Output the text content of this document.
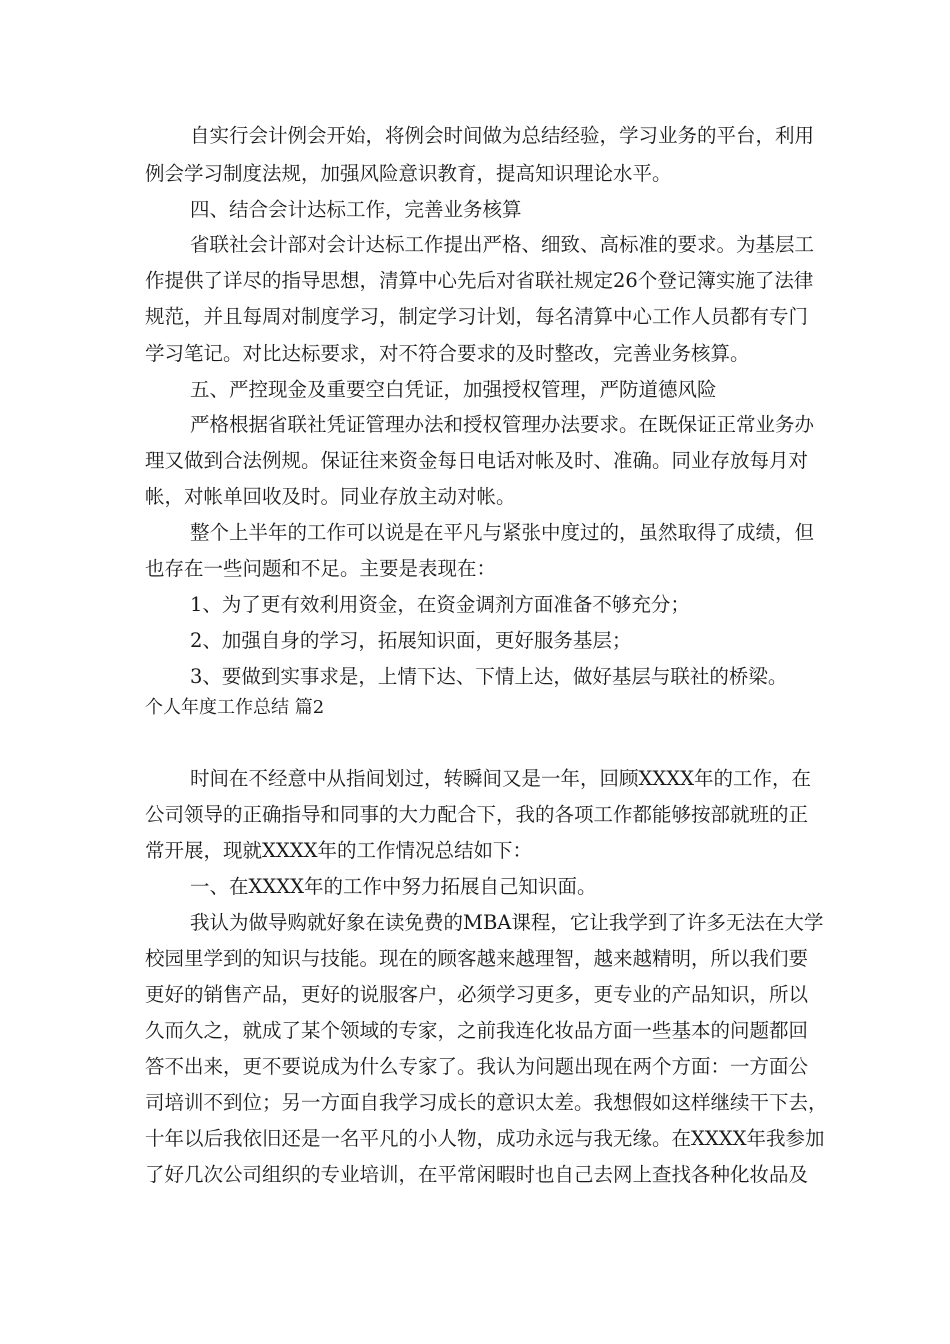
自实行会计例会开始，将例会时间做为总结经验，学习业务的平台，利用
例会学习制度法规，加强风险意识教育，提高知识理论水平。
四、结合会计达标工作，完善业务核算
省联社会计部对会计达标工作提出严格、细致、高标准的要求。为基层工
作提供了详尽的指导思想，清算中心先后对省联社规定26个登记簿实施了法律
规范，并且每周对制度学习，制定学习计划，每名清算中心工作人员都有专门
学习笔记。对比达标要求，对不符合要求的及时整改，完善业务核算。
五、严控现金及重要空白凭证，加强授权管理，严防道德风险
严格根据省联社凭证管理办法和授权管理办法要求。在既保证正常业务办
理又做到合法例规。保证往来资金每日电话对帐及时、准确。同业存放每月对
帐，对帐单回收及时。同业存放主动对帐。
整个上半年的工作可以说是在平凡与紧张中度过的，虽然取得了成绩，但
也存在一些问题和不足。主要是表现在：
1、为了更有效利用资金，在资金调剂方面准备不够充分；
2、加强自身的学习，拓展知识面，更好服务基层；
3、要做到实事求是，上情下达、下情上达，做好基层与联社的桥梁。
个人年度工作总结 篇2
时间在不经意中从指间划过，转瞬间又是一年，回顾XXXX年的工作，在
公司领导的正确指导和同事的大力配合下，我的各项工作都能够按部就班的正
常开展，现就XXXX年的工作情况总结如下：
一、在XXXX年的工作中努力拓展自己知识面。
我认为做导购就好象在读免费的MBA课程，它让我学到了许多无法在大学
校园里学到的知识与技能。现在的顾客越来越理智，越来越精明，所以我们要
更好的销售产品，更好的说服客户，必须学习更多，更专业的产品知识，所以
久而久之，就成了某个领域的专家，之前我连化妆品方面一些基本的问题都回
答不出来，更不要说成为什么专家了。我认为问题出现在两个方面：一方面公
司培训不到位；另一方面自我学习成长的意识太差。我想假如这样继续干下去，
十年以后我依旧还是一名平凡的小人物，成功永远与我无缘。在XXXX年我参加
了好几次公司组织的专业培训，在平常闲暇时也自己去网上查找各种化妆品及
